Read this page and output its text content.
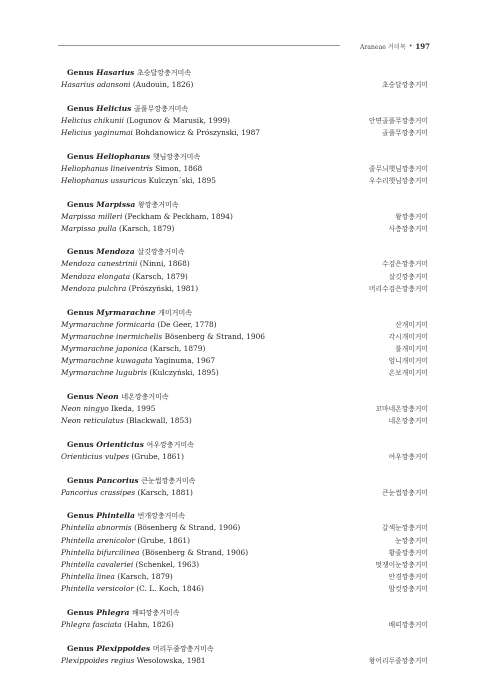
Araneae 거미목 • 197
Genus Hasarius 초승달깡충거미속
Hasarius adansoni (Audouin, 1826)	초승달깡충거미
Genus Helicius 골풀무깡충거미속
Helicius chikunii (Logunov & Marusik, 1999)	안면골풀무깡충거미
Helicius yaginumai Bohdanowicz & Prószynski, 1987	골풀무깡충거미
Genus Heliophanus 햇님깡충거미속
Heliophanus lineiventris Simon, 1868	줄무늬햇님깡충거미
Heliophanus ussuricus Kulczyn´ski, 1895	우수리햇님깡충거미
Genus Marpissa 왕깡충거미속
Marpissa milleri (Peckham & Peckham, 1894)	왕깡충거미
Marpissa pulla (Karsch, 1879)	사층깡충거미
Genus Mendoza 살깃깡충거미속
Mendoza canestrinii (Ninni, 1868)	수검은깡충거미
Mendoza elongata (Karsch, 1879)	살깃깡충거미
Mendoza pulchra (Prószyński, 1981)	머리수검은깡충거미
Genus Myrmarachne 개미거미속
Myrmarachne formicaria (De Geer, 1778)	산개미거미
Myrmarachne inermichelis Bösenberg & Strand, 1906	각시개미거미
Myrmarachne japonica (Karsch, 1879)	불개미거미
Myrmarachne kuwagata Yaginuma, 1967	엄니개미거미
Myrmarachne lugubris (Kulczyński, 1895)	온보개미거미
Genus Neon 네온깡충거미속
Neon ningyo Ikeda, 1995	꼬마네온깡충거미
Neon reticulatus (Blackwall, 1853)	네온깡충거미
Genus Orienticius 여우깡충거미속
Orienticius vulpes (Grube, 1861)	여우깡충거미
Genus Pancorius 큰눈썹깡충거미속
Pancorius crassipes (Karsch, 1881)	큰눈썹깡충거미
Genus Phintella 번개깡충거미속
Phintella abnormis (Bösenberg & Strand, 1906)	갈색눈깡충거미
Phintella arenicolor (Grube, 1861)	눈깡충거미
Phintella bifurcilinea (Bösenberg & Strand, 1906)	황줄깡충거미
Phintella cavaleriei (Schenkel, 1963)	멋쟁이눈깡충거미
Phintella linea (Karsch, 1879)	안경깡충거미
Phintella versicolor (C. L. Koch, 1846)	암컷깡충거미
Genus Phlegra 배띠깡충거미속
Phlegra fasciata (Hahn, 1826)	배띠깡충거미
Genus Plexippoides 머리두줄깡충거미속
Plexippoides regius Wesolowska, 1981	왕어리두줄깡충거미
